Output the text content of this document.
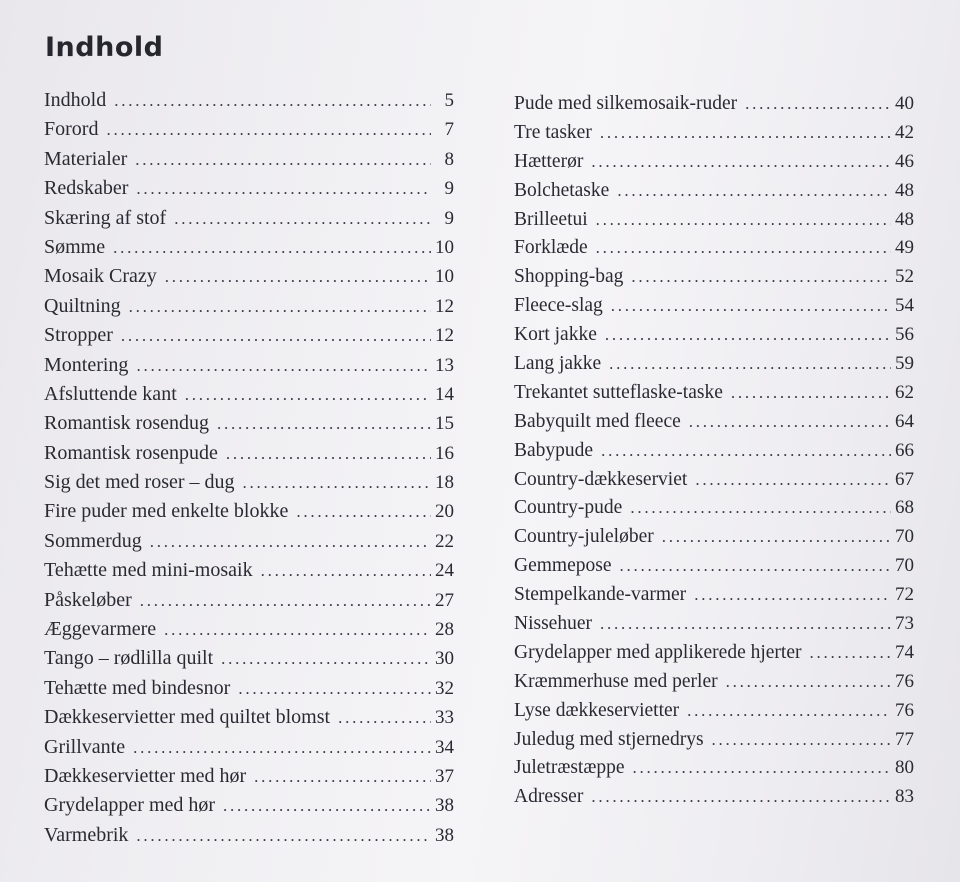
Indhold
Indhold . . .	5
Forord . . .	7
Materialer . . .	8
Redskaber . . .	9
Skæring af stof . . .	9
Sømme . . .	10
Mosaik Crazy . . .	10
Quiltning . . .	12
Stropper . . .	12
Montering . . .	13
Afsluttende kant . . .	14
Romantisk rosendug . . .	15
Romantisk rosenpude . . .	16
Sig det med roser – dug . . .	18
Fire puder med enkelte blokke . . .	20
Sommerdug . . .	22
Tehætte med mini-mosaik . . .	24
Påskeløber . . .	27
Æggevarmere . . .	28
Tango – rødlilla quilt . . .	30
Tehætte med bindesnor . . .	32
Dækkeservietter med quiltet blomst . . .	33
Grillvante . . .	34
Dækkeservietter med hør . . .	37
Grydelapper med hør . . .	38
Varmebrik . . .	38
Pude med silkemosaik-ruder . . .	40
Tre tasker . . .	42
Hætterør . . .	46
Bolchetaske . . .	48
Brilleetui . . .	48
Forklæde . . .	49
Shopping-bag . . .	52
Fleece-slag . . .	54
Kort jakke . . .	56
Lang jakke . . .	59
Trekantet sutteflaske-taske . . .	62
Babyquilt med fleece . . .	64
Babypude . . .	66
Country-dækkeserviet . . .	67
Country-pude . . .	68
Country-juleløber . . .	70
Gemmepose . . .	70
Stempelkande-varmer . . .	72
Nissehuer . . .	73
Grydelapper med applikerede hjerter . . .	74
Kræmmerhuse med perler . . .	76
Lyse dækkeservietter . . .	76
Juledug med stjernedrys . . .	77
Juletræstæppe . . .	80
Adresser . . .	83
